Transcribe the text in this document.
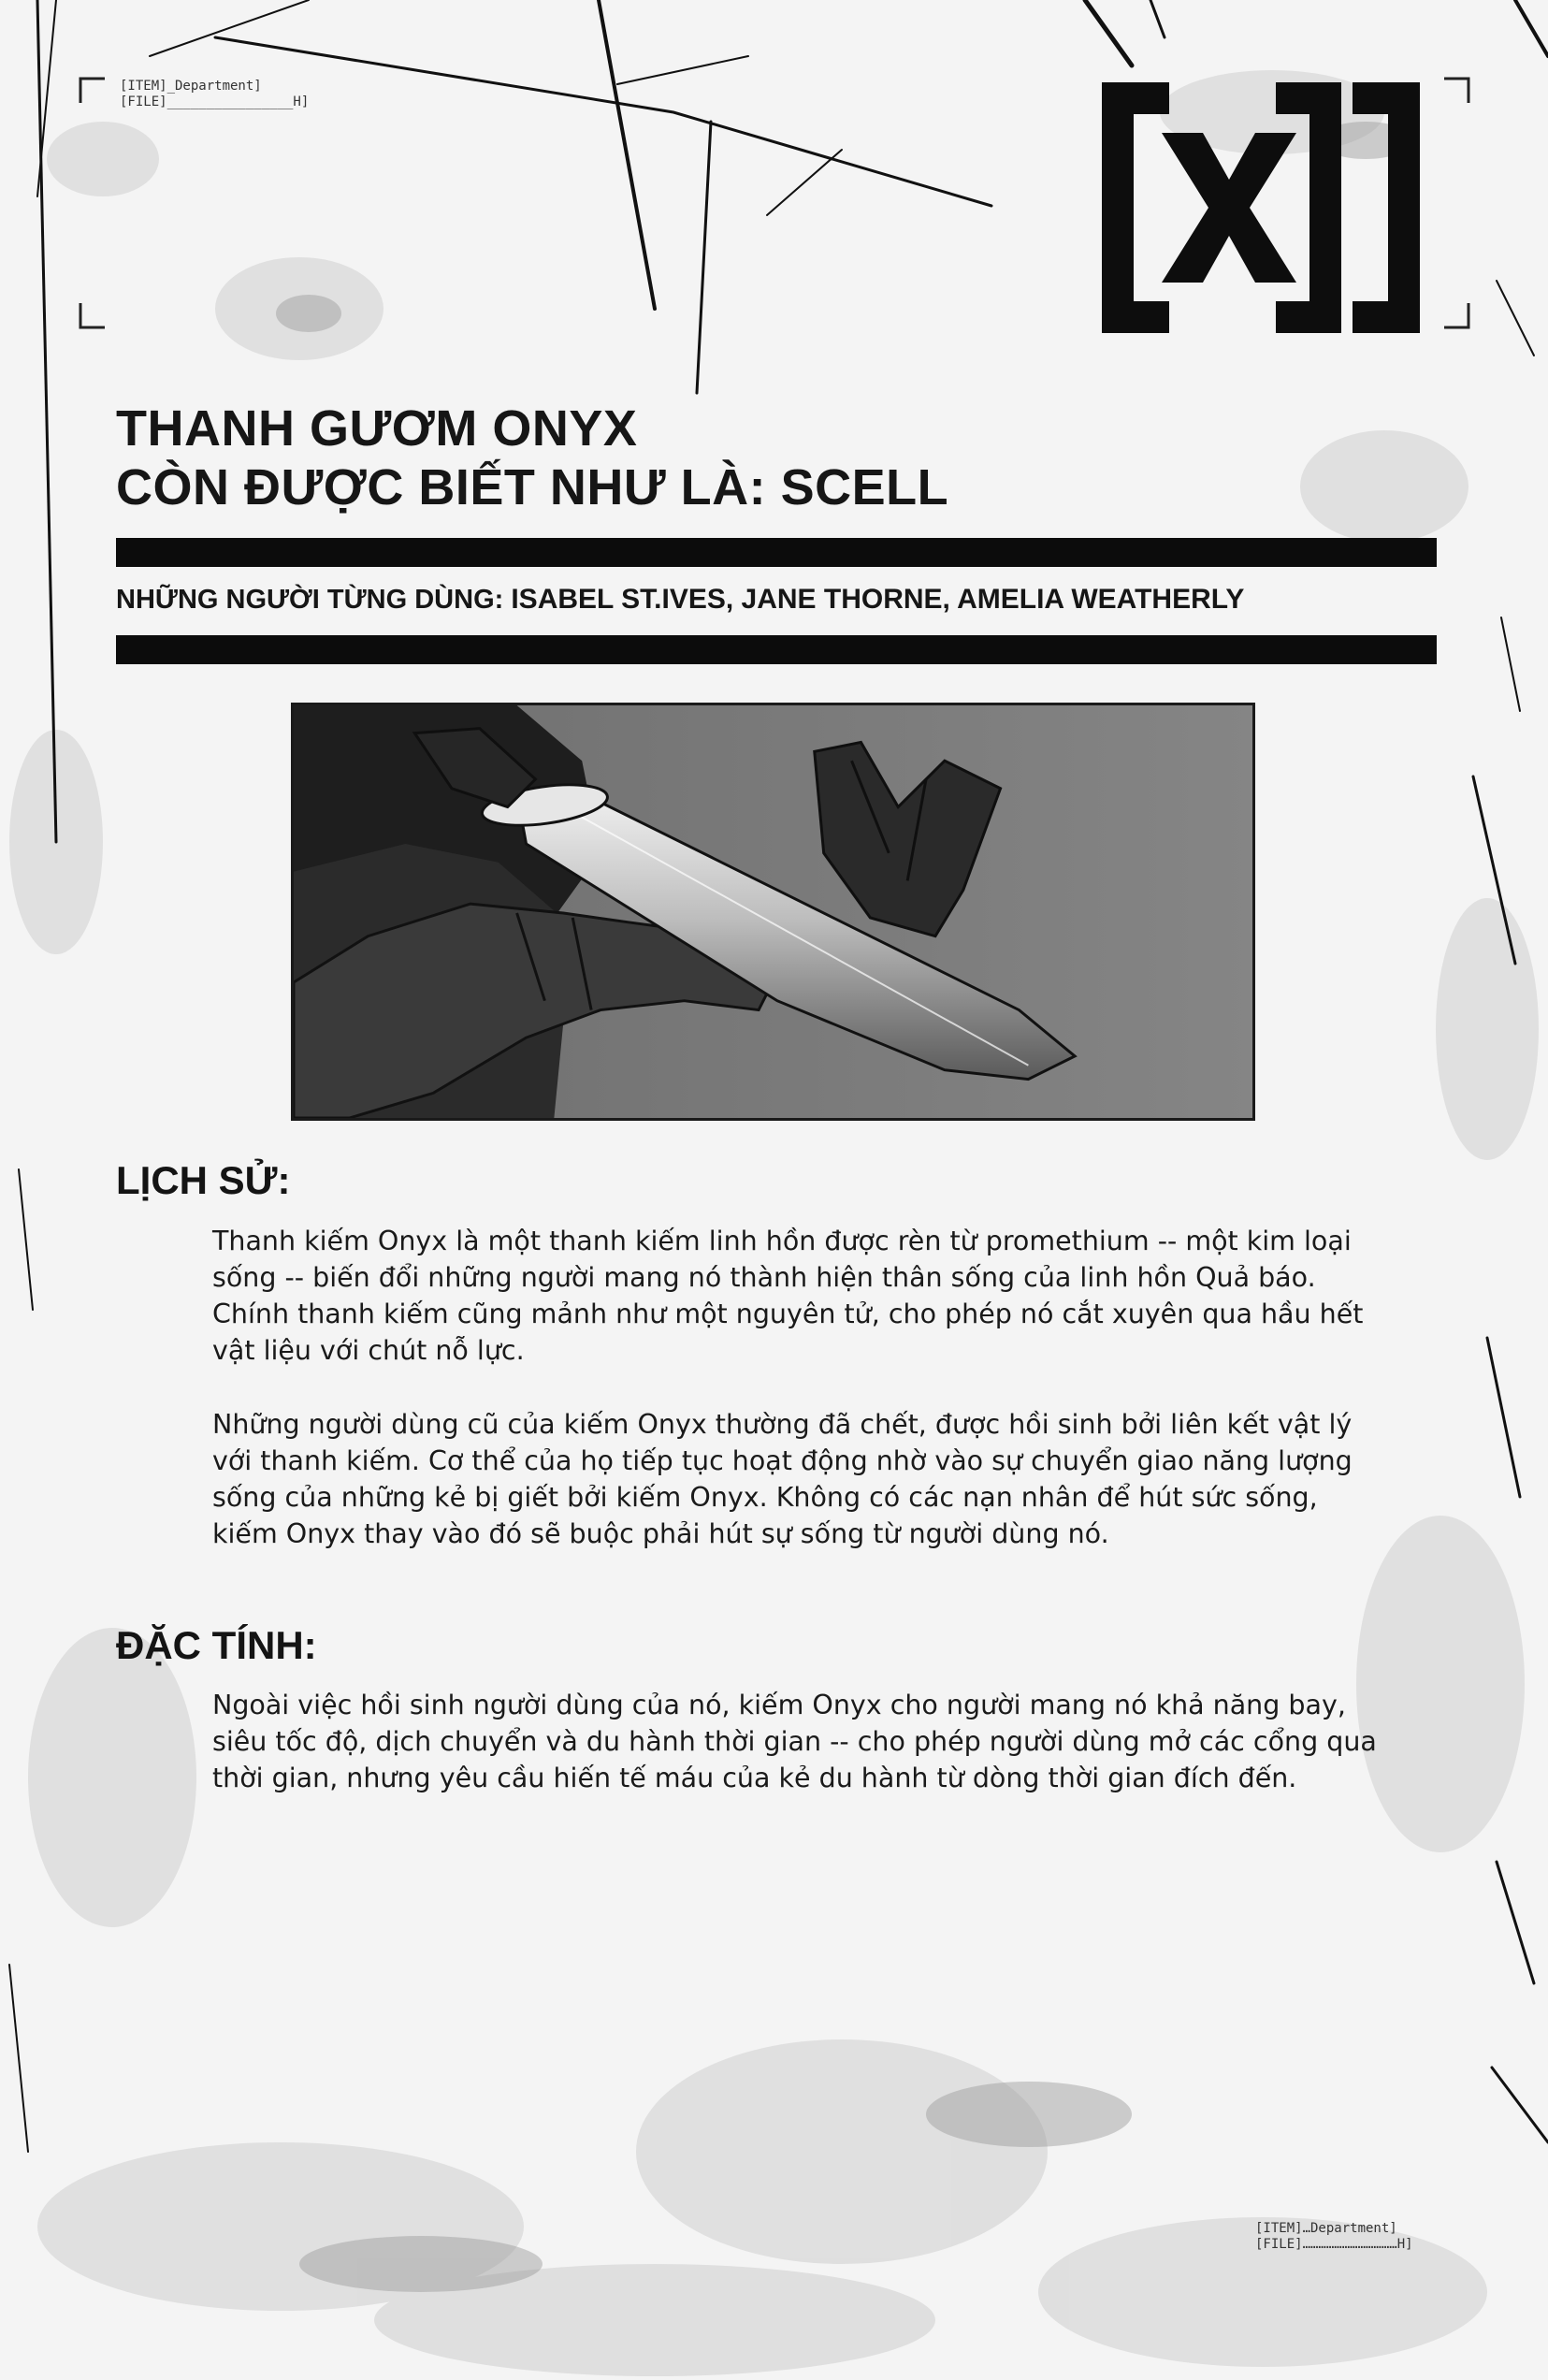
[ITEM]_Department]
[FILE]________________H]
THANH GƯƠM ONYX
CÒN ĐƯỢC BIẾT NHƯ LÀ: SCELL
NHỮNG NGƯỜI TỪNG DÙNG: ISABEL ST.IVES, JANE THORNE, AMELIA WEATHERLY
LỊCH SỬ:

Thanh kiếm Onyx là một thanh kiếm linh hồn được rèn từ promethium -- một kim loại sống -- biến đổi những người mang nó thành hiện thân sống của linh hồn Quả báo. Chính thanh kiếm cũng mảnh như một nguyên tử, cho phép nó cắt xuyên qua hầu hết vật liệu với chút nỗ lực.

Những người dùng cũ của kiếm Onyx thường đã chết, được hồi sinh bởi liên kết vật lý với thanh kiếm. Cơ thể của họ tiếp tục hoạt động nhờ vào sự chuyển giao năng lượng sống của những kẻ bị giết bởi kiếm Onyx. Không có các nạn nhân để hút sức sống, kiếm Onyx thay vào đó sẽ buộc phải hút sự sống từ người dùng nó.

ĐẶC TÍNH:

Ngoài việc hồi sinh người dùng của nó, kiếm Onyx cho người mang nó khả năng bay, siêu tốc độ, dịch chuyển và du hành thời gian -- cho phép người dùng mở các cổng qua thời gian, nhưng yêu cầu hiến tế máu của kẻ du hành từ dòng thời gian đích đến.

[ITEM]…Department]
[FILE]………………………………H]
